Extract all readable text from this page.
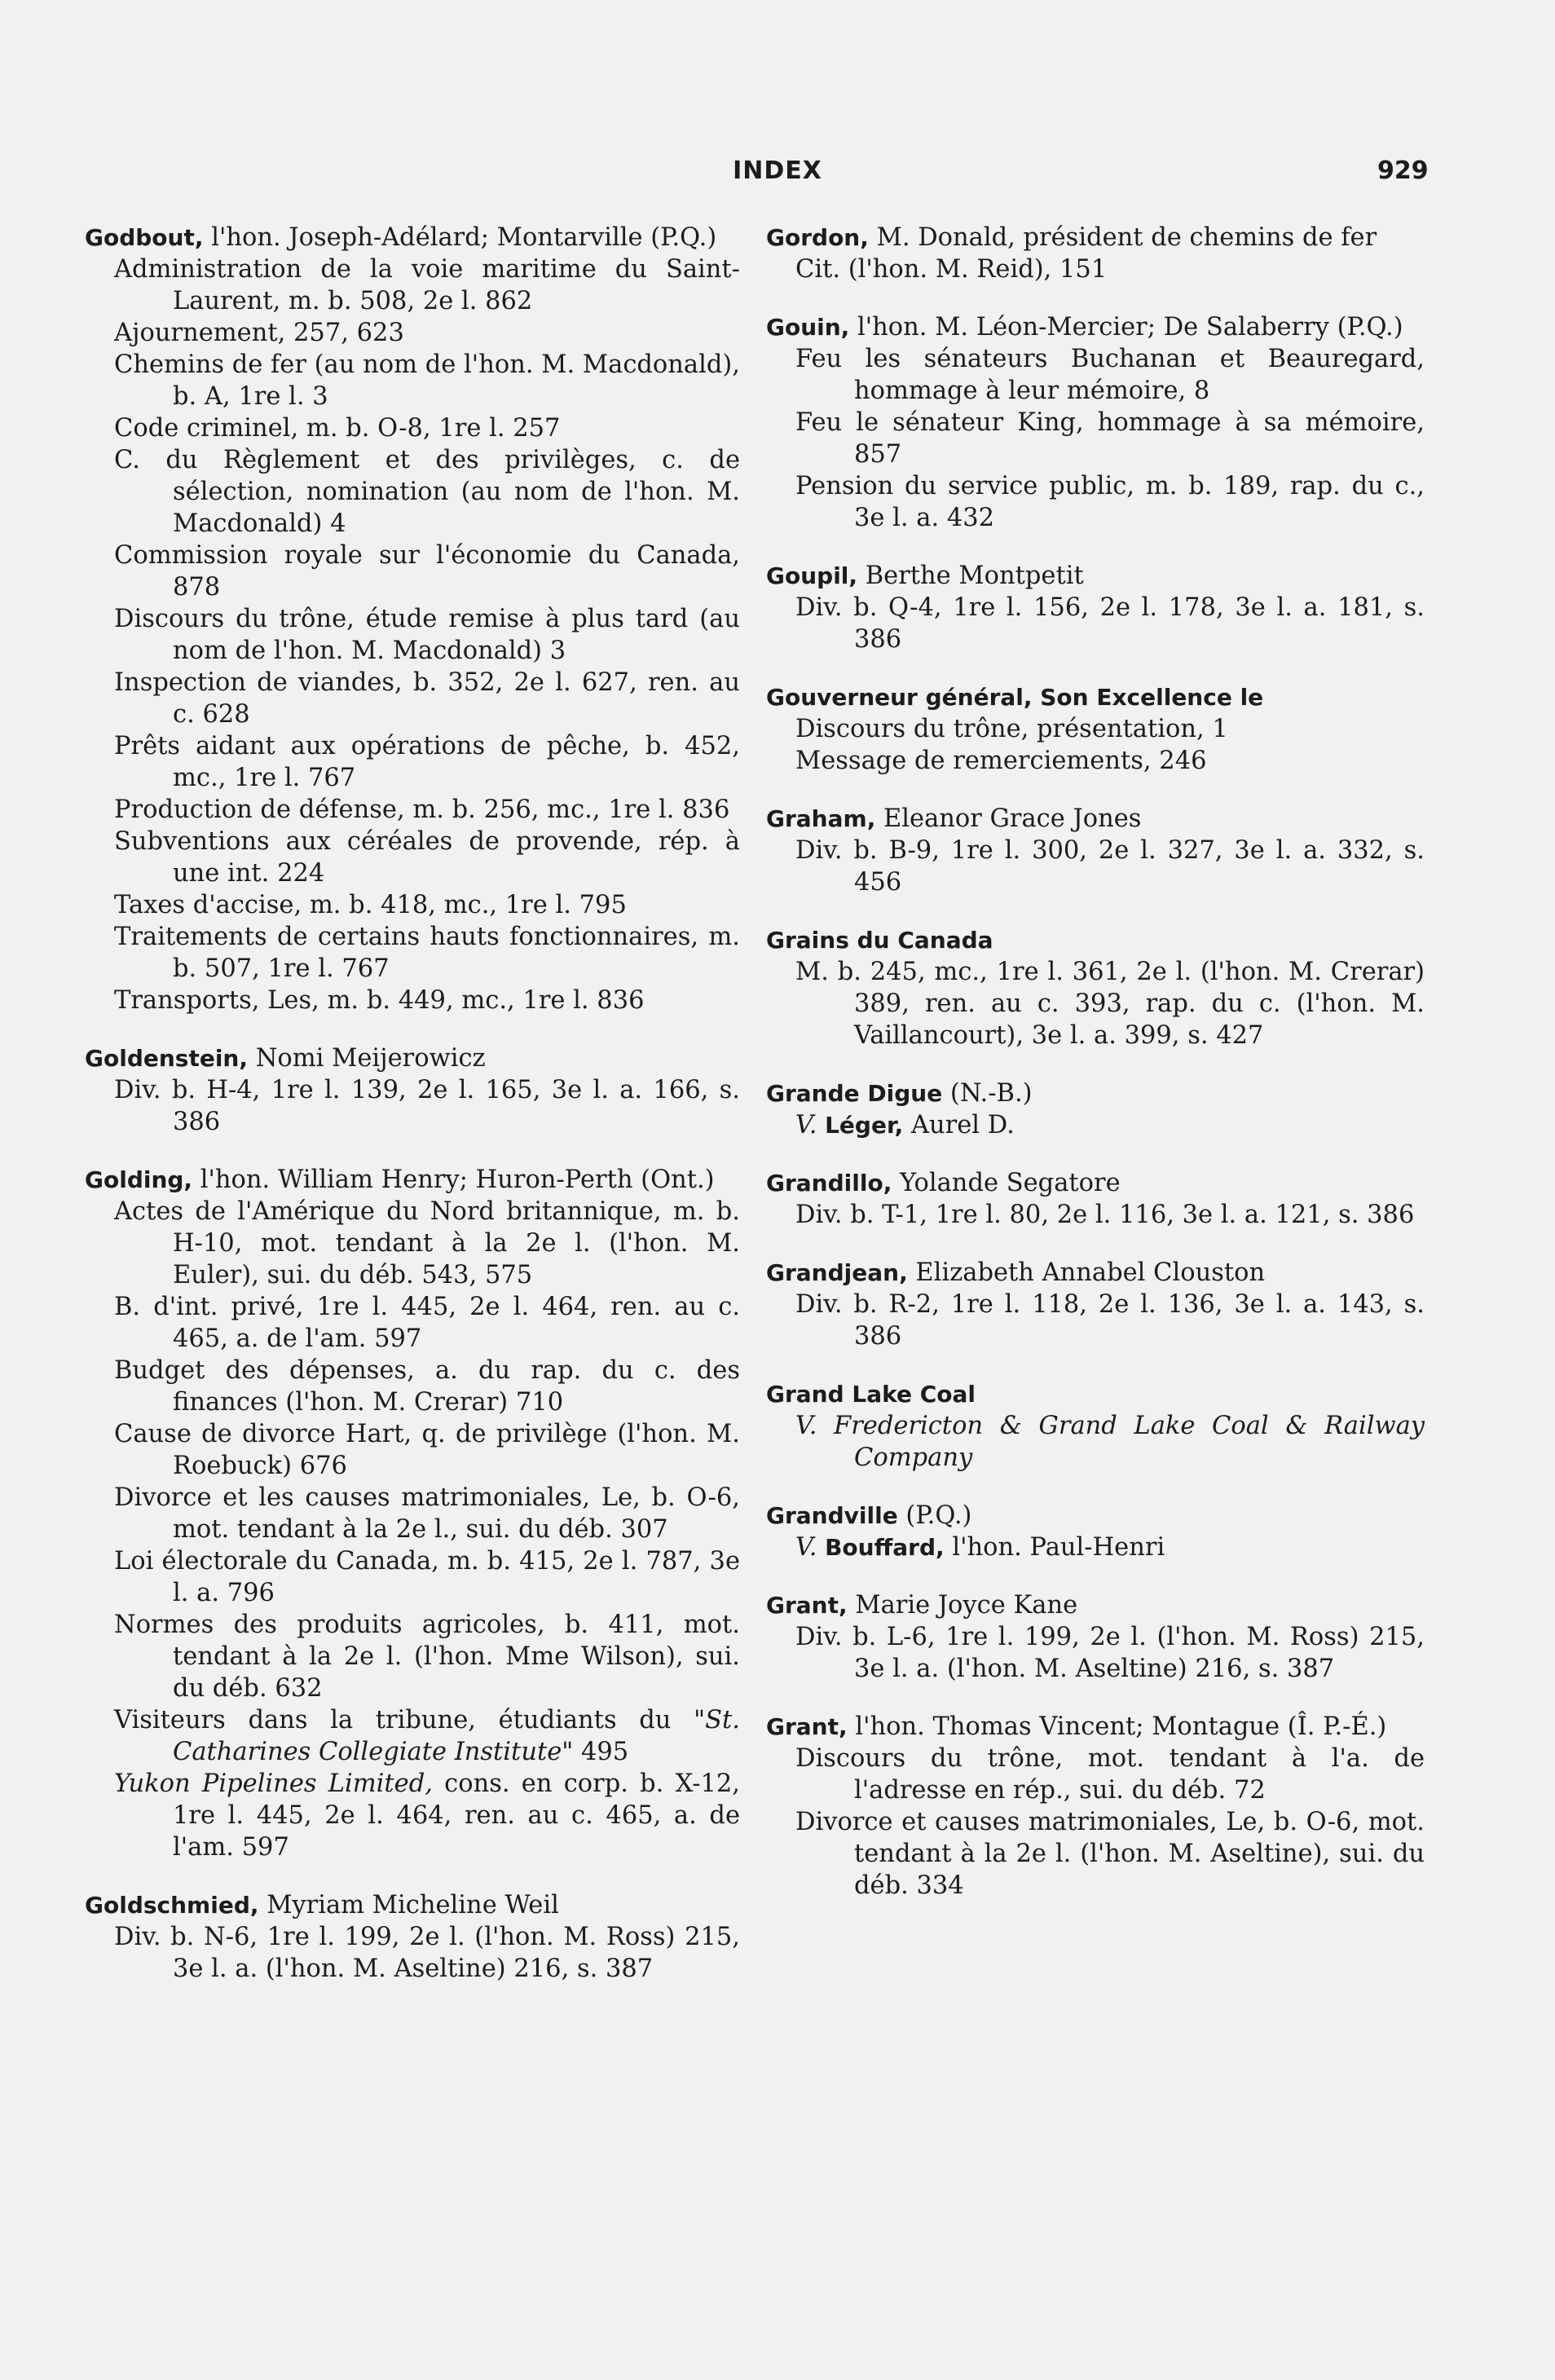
INDEX	929
Godbout, l'hon. Joseph-Adélard; Montarville (P.Q.)
Administration de la voie maritime du Saint-Laurent, m. b. 508, 2e l. 862
Ajournement, 257, 623
Chemins de fer (au nom de l'hon. M. Macdonald), b. A, 1re l. 3
Code criminel, m. b. O-8, 1re l. 257
C. du Règlement et des privilèges, c. de sélection, nomination (au nom de l'hon. M. Macdonald) 4
Commission royale sur l'économie du Canada, 878
Discours du trône, étude remise à plus tard (au nom de l'hon. M. Macdonald) 3
Inspection de viandes, b. 352, 2e l. 627, ren. au c. 628
Prêts aidant aux opérations de pêche, b. 452, mc., 1re l. 767
Production de défense, m. b. 256, mc., 1re l. 836
Subventions aux céréales de provende, rép. à une int. 224
Taxes d'accise, m. b. 418, mc., 1re l. 795
Traitements de certains hauts fonctionnaires, m. b. 507, 1re l. 767
Transports, Les, m. b. 449, mc., 1re l. 836
Goldenstein, Nomi Meijerowicz
Div. b. H-4, 1re l. 139, 2e l. 165, 3e l. a. 166, s. 386
Golding, l'hon. William Henry; Huron-Perth (Ont.)
Actes de l'Amérique du Nord britannique, m. b. H-10, mot. tendant à la 2e l. (l'hon. M. Euler), sui. du déb. 543, 575
B. d'int. privé, 1re l. 445, 2e l. 464, ren. au c. 465, a. de l'am. 597
Budget des dépenses, a. du rap. du c. des finances (l'hon. M. Crerar) 710
Cause de divorce Hart, q. de privilège (l'hon. M. Roebuck) 676
Divorce et les causes matrimoniales, Le, b. O-6, mot. tendant à la 2e l., sui. du déb. 307
Loi électorale du Canada, m. b. 415, 2e l. 787, 3e l. a. 796
Normes des produits agricoles, b. 411, mot. tendant à la 2e l. (l'hon. Mme Wilson), sui. du déb. 632
Visiteurs dans la tribune, étudiants du "St. Catharines Collegiate Institute" 495
Yukon Pipelines Limited, cons. en corp. b. X-12, 1re l. 445, 2e l. 464, ren. au c. 465, a. de l'am. 597
Goldschmied, Myriam Micheline Weil
Div. b. N-6, 1re l. 199, 2e l. (l'hon. M. Ross) 215, 3e l. a. (l'hon. M. Aseltine) 216, s. 387
Gordon, M. Donald, président de chemins de fer
Cit. (l'hon. M. Reid), 151
Gouin, l'hon. M. Léon-Mercier; De Salaberry (P.Q.)
Feu les sénateurs Buchanan et Beauregard, hommage à leur mémoire, 8
Feu le sénateur King, hommage à sa mémoire, 857
Pension du service public, m. b. 189, rap. du c., 3e l. a. 432
Goupil, Berthe Montpetit
Div. b. Q-4, 1re l. 156, 2e l. 178, 3e l. a. 181, s. 386
Gouverneur général, Son Excellence le
Discours du trône, présentation, 1
Message de remerciements, 246
Graham, Eleanor Grace Jones
Div. b. B-9, 1re l. 300, 2e l. 327, 3e l. a. 332, s. 456
Grains du Canada
M. b. 245, mc., 1re l. 361, 2e l. (l'hon. M. Crerar) 389, ren. au c. 393, rap. du c. (l'hon. M. Vaillancourt), 3e l. a. 399, s. 427
Grande Digue (N.-B.)
V. Léger, Aurel D.
Grandillo, Yolande Segatore
Div. b. T-1, 1re l. 80, 2e l. 116, 3e l. a. 121, s. 386
Grandjean, Elizabeth Annabel Clouston
Div. b. R-2, 1re l. 118, 2e l. 136, 3e l. a. 143, s. 386
Grand Lake Coal
V. Fredericton & Grand Lake Coal & Railway Company
Grandville (P.Q.)
V. Bouffard, l'hon. Paul-Henri
Grant, Marie Joyce Kane
Div. b. L-6, 1re l. 199, 2e l. (l'hon. M. Ross) 215, 3e l. a. (l'hon. M. Aseltine) 216, s. 387
Grant, l'hon. Thomas Vincent; Montague (Î. P.-É.)
Discours du trône, mot. tendant à l'a. de l'adresse en rép., sui. du déb. 72
Divorce et causes matrimoniales, Le, b. O-6, mot. tendant à la 2e l. (l'hon. M. Aseltine), sui. du déb. 334
